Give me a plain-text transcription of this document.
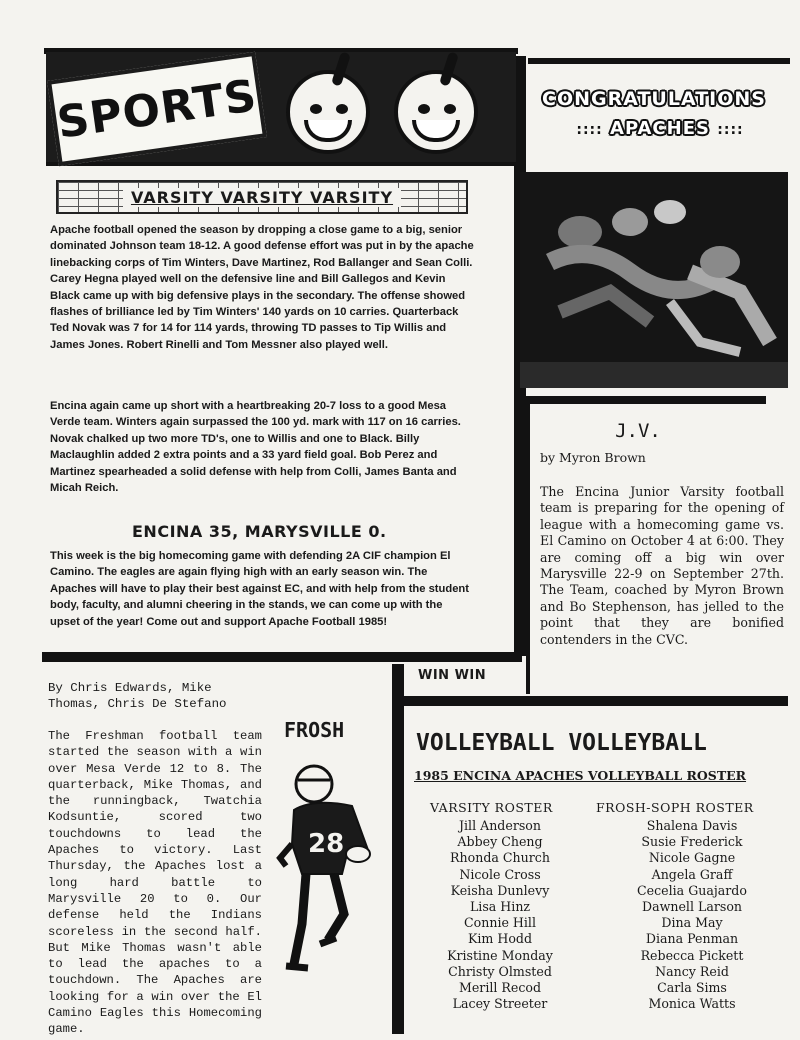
SPORTS	CONGRATULATIONS
:::: APACHES ::::
VARSITY VARSITY VARSITY

Apache football opened the season by dropping a close game to a big, senior dominated Johnson team 18-12. A good defense effort was put in by the apache linebacking corps of Tim Winters, Dave Martinez, Rod Ballanger and Sean Colli. Carey Hegna played well on the defensive line and Bill Gallegos and Kevin Black came up with big defensive plays in the secondary. The offense showed flashes of brilliance led by Tim Winters' 140 yards on 10 carries. Quarterback Ted Novak was 7 for 14 for 114 yards, throwing TD passes to Tip Willis and James Jones. Robert Rinelli and Tom Messner also played well.

Encina again came up short with a heartbreaking 20-7 loss to a good Mesa Verde team. Winters again surpassed the 100 yd. mark with 117 on 16 carries. Novak chalked up two more TD's, one to Willis and one to Black. Billy Maclaughlin added 2 extra points and a 33 yard field goal. Bob Perez and Martinez spearheaded a solid defense with help from Colli, James Banta and Micah Reich.

ENCINA 35, MARYSVILLE 0.

This week is the big homecoming game with defending 2A CIF champion El Camino. The eagles are again flying high with an early season win. The Apaches will have to play their best against EC, and with help from the student body, faculty, and alumni cheering in the stands, we can come up with the upset of the year! Come out and support Apache Football 1985!

J.V.
by Myron Brown

The Encina Junior Varsity football team is preparing for the opening of league with a homecoming game vs. El Camino on October 4 at 6:00. They are coming off a big win over Marysville 22-9 on September 27th. The Team, coached by Myron Brown and Bo Stephenson, has jelled to the point that they are bonified contenders in the CVC.

WIN WIN

By Chris Edwards, Mike Thomas, Chris De Stefano

The Freshman football team started the season with a win over Mesa Verde 12 to 8. The quarterback, Mike Thomas, and the runningback, Twatchia Kodsuntie, scored two touchdowns to lead the Apaches to victory. Last Thursday, the Apaches lost a long hard battle to Marysville 20 to 0. Our defense held the Indians scoreless in the second half. But Mike Thomas wasn't able to lead the apaches to a touchdown. The Apaches are looking for a win over the El Camino Eagles this Homecoming game.

FROSH
28
VOLLEYBALL VOLLEYBALL
1985 ENCINA APACHES VOLLEYBALL ROSTER
VARSITY ROSTER	FROSH-SOPH ROSTER
Jill Anderson
Abbey Cheng
Rhonda Church
Nicole Cross
Keisha Dunlevy
Lisa Hinz
Connie Hill
Kim Hodd
Kristine Monday
Christy Olmsted
Merill Recod
Lacey Streeter
Shalena Davis
Susie Frederick
Nicole Gagne
Angela Graff
Cecelia Guajardo
Dawnell Larson
Dina May
Diana Penman
Rebecca Pickett
Nancy Reid
Carla Sims
Monica Watts
